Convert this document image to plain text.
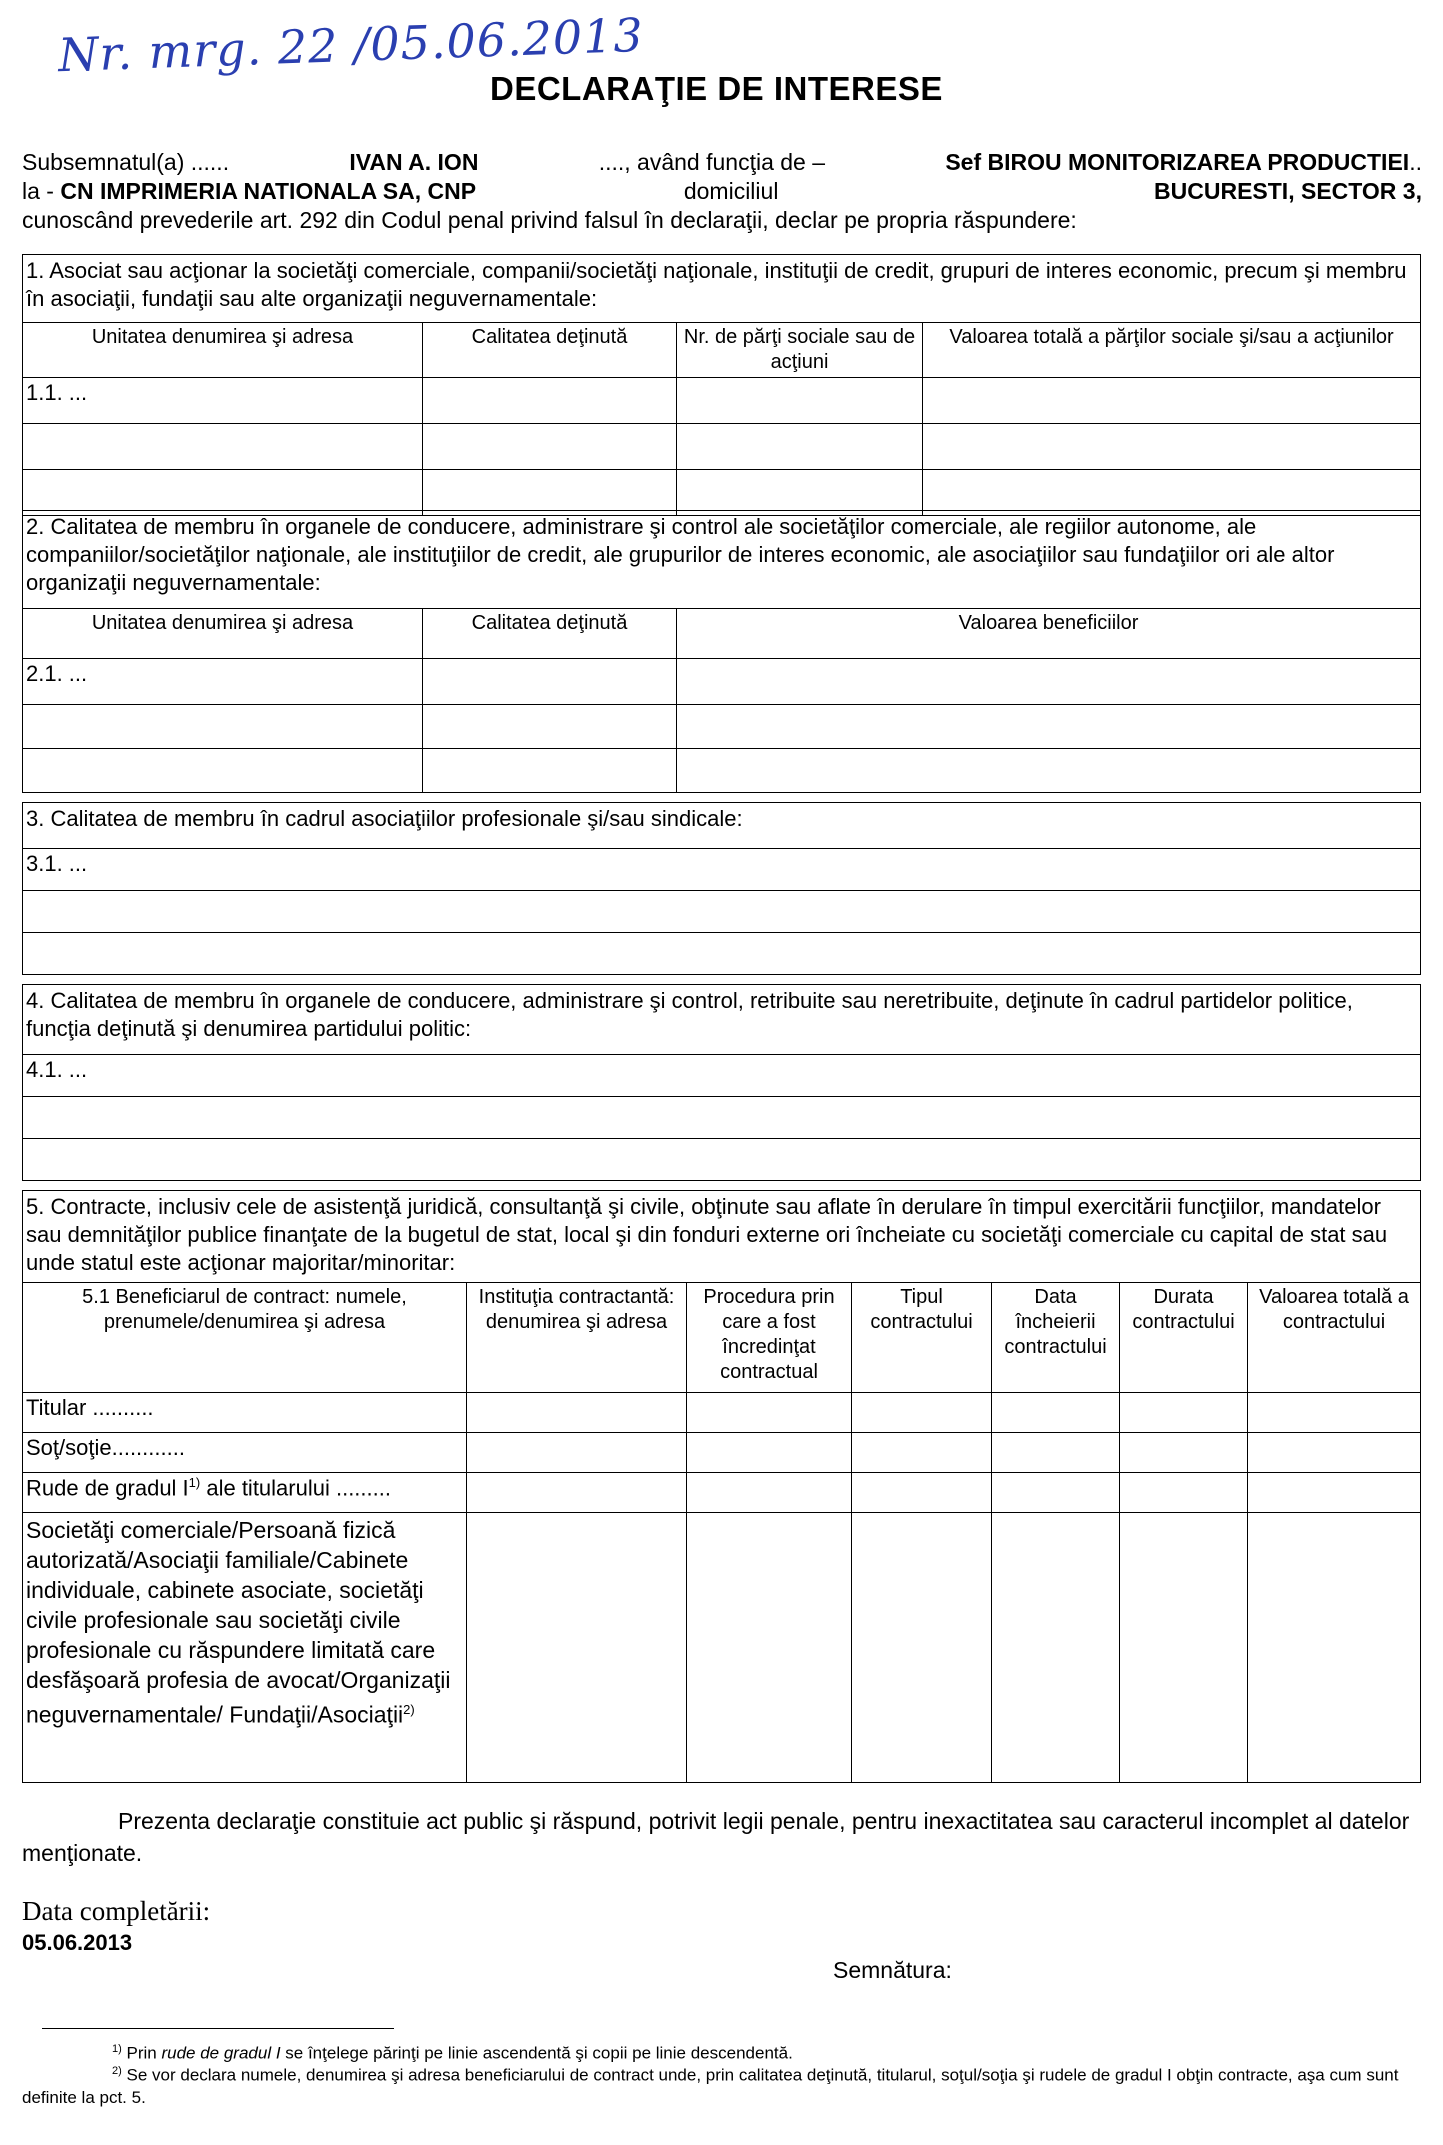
Nr. mrg. 22 /05.06.2013
DECLARAŢIE DE INTERESE
Subsemnatul(a) ......	IVAN A. ION	...., având funcţia de –	Sef BIROU MONITORIZAREA PRODUCTIEI..
la - CN IMPRIMERIA NATIONALA SA, CNP	domiciliul	BUCURESTI, SECTOR 3,
cunoscând prevederile art. 292 din Codul penal privind falsul în declaraţii, declar pe propria răspundere:
1. Asociat sau acţionar la societăţi comerciale, companii/societăţi naţionale, instituţii de credit, grupuri de interes economic, precum şi membru în asociaţii, fundaţii sau alte organizaţii neguvernamentale:			
Unitatea denumirea şi adresa	Calitatea deţinută	Nr. de părţi sociale sau de acţiuni	Valoarea totală a părţilor sociale şi/sau a acţiunilor
1.1. ...			

2. Calitatea de membru în organele de conducere, administrare şi control ale societăţilor comerciale, ale regiilor autonome, ale companiilor/societăţilor naţionale, ale instituţiilor de credit, ale grupurilor de interes economic, ale asociaţiilor sau fundaţiilor ori ale altor organizaţii neguvernamentale:		
Unitatea denumirea şi adresa	Calitatea deţinută	Valoarea beneficiilor
2.1. ...		

3. Calitatea de membru în cadrul asociaţiilor profesionale şi/sau sindicale:
3.1. ...

4. Calitatea de membru în organele de conducere, administrare şi control, retribuite sau neretribuite, deţinute în cadrul partidelor politice, funcţia deţinută şi denumirea partidului politic:
4.1. ...

5. Contracte, inclusiv cele de asistenţă juridică, consultanţă şi civile, obţinute sau aflate în derulare în timpul exercitării funcţiilor, mandatelor sau demnităţilor publice finanţate de la bugetul de stat, local şi din fonduri externe ori încheiate cu societăţi comerciale cu capital de stat sau unde statul este acţionar majoritar/minoritar:						
5.1 Beneficiarul de contract: numele, prenumele/denumirea şi adresa	Instituţia contractantă: denumirea şi adresa	Procedura prin care a fost încredinţat contractual	Tipul contractului	Data încheierii contractului	Durata contractului	Valoarea totală a contractului
Titular ..........						
Soţ/soţie............						
Rude de gradul $I^{1)}$ ale titularului .........						
Societăţi comerciale/Persoană fizică autorizată/Asociaţii familiale/Cabinete individuale, cabinete asociate, societăţi civile profesionale sau societăţi civile profesionale cu răspundere limitată care desfăşoară profesia de avocat/Organizaţii neguvernamentale/ Fundaţii/Asociaţii$^{2)}$						
Prezenta declaraţie constituie act public şi răspund, potrivit legii penale, pentru inexactitatea sau caracterul incomplet al datelor menţionate.
Data completării:
05.06.2013
Semnătura:
$^{1)}$ Prin rude de gradul I se înţelege părinţi pe linie ascendentă şi copii pe linie descendentă.
$^{2)}$ Se vor declara numele, denumirea şi adresa beneficiarului de contract unde, prin calitatea deţinută, titularul, soţul/soţia şi rudele de gradul I obţin contracte, aşa cum sunt definite la pct. 5.
